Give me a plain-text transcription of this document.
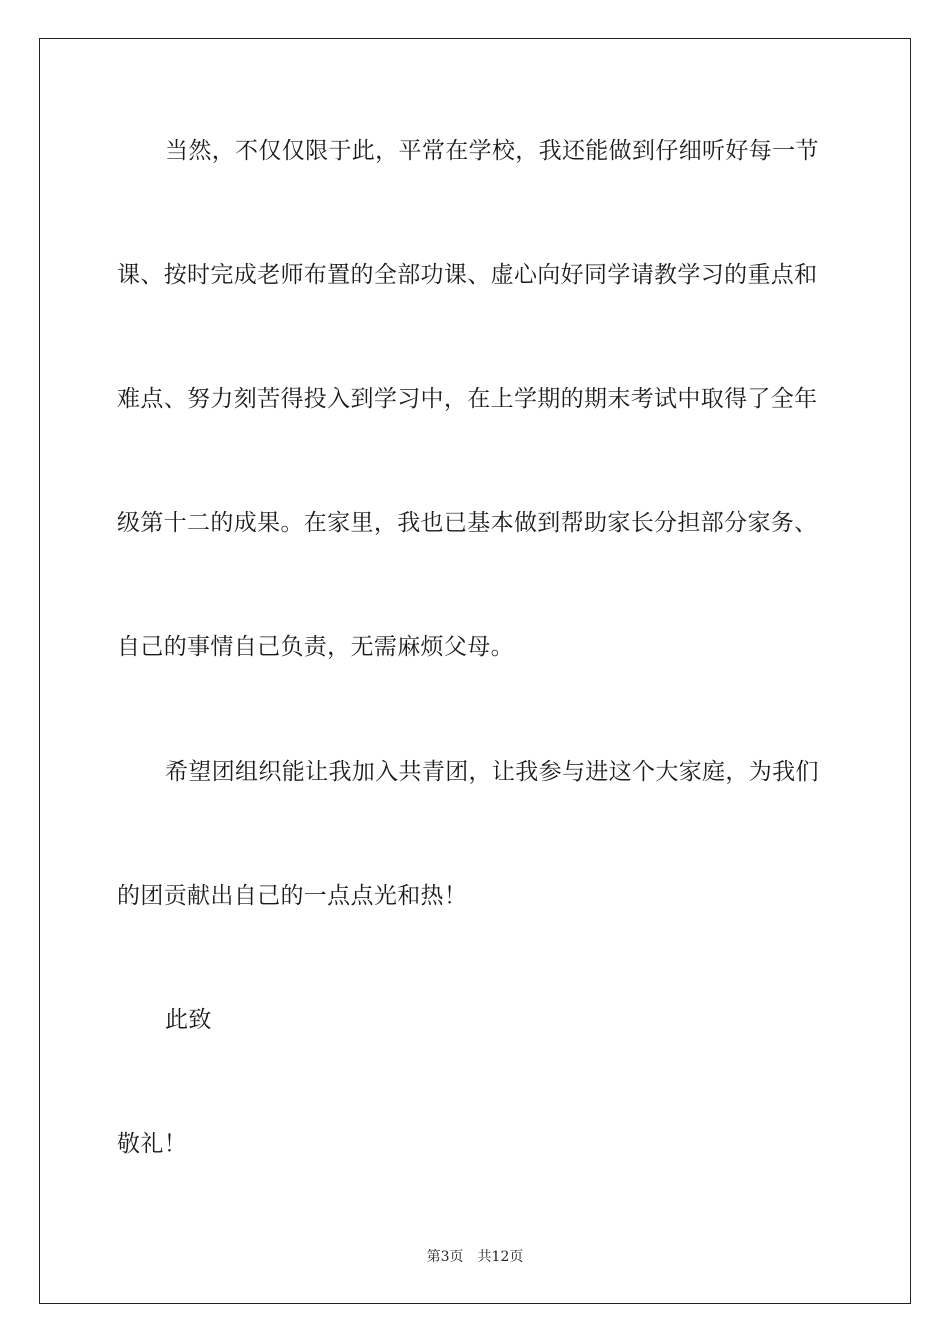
当然，不仅仅限于此，平常在学校，我还能做到仔细听好每一节
课、按时完成老师布置的全部功课、虚心向好同学请教学习的重点和
难点、努力刻苦得投入到学习中，在上学期的期末考试中取得了全年
级第十二的成果。在家里，我也已基本做到帮助家长分担部分家务、
自己的事情自己负责，无需麻烦父母。
希望团组织能让我加入共青团，让我参与进这个大家庭，为我们
的团贡献出自己的一点点光和热！
此致
敬礼！
第3页 共12页
